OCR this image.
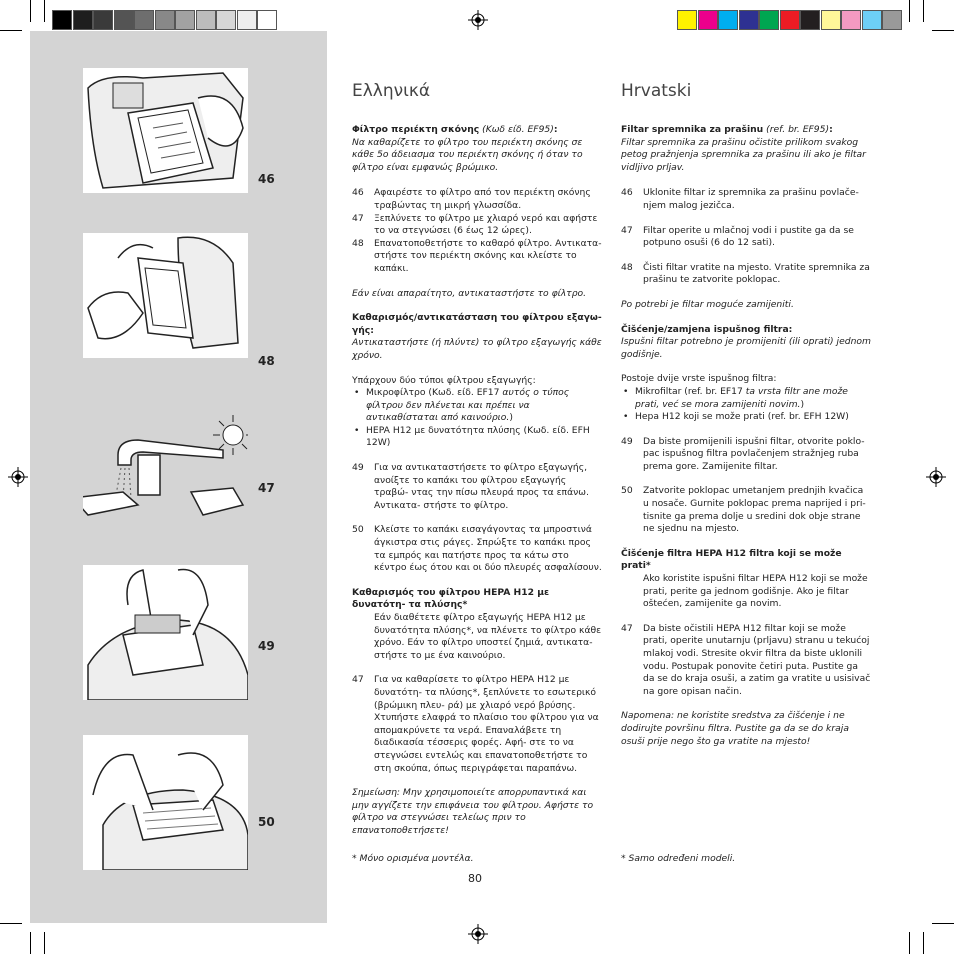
46
48
47
49
50
Ελληνικά

Φίλτρο περιέκτη σκόνης (Κωδ είδ. EF95):

Να καθαρίζετε το φίλτρο του περιέκτη σκόνης σε κάθε 5ο άδειασμα του περιέκτη σκόνης ή όταν το φίλτρο είναι εμφανώς βρώμικο.

46 Αφαιρέστε το φίλτρο από τον περιέκτη σκόνης τραβώντας τη μικρή γλωσσίδα.
47 Ξεπλύνετε το φίλτρο με χλιαρό νερό και αφήστε το να στεγνώσει (6 έως 12 ώρες).
48 Επανατοποθετήστε το καθαρό φίλτρο. Αντικατα- στήστε τον περιέκτη σκόνης και κλείστε το καπάκι.

Εάν είναι απαραίτητο, αντικαταστήστε το φίλτρο.

Καθαρισμός/αντικατάσταση του φίλτρου εξαγω- γής:

Αντικαταστήστε (ή πλύντε) το φίλτρο εξαγωγής κάθε χρόνο.

Υπάρχουν δύο τύποι φίλτρου εξαγωγής:

• Μικροφίλτρο (Κωδ. είδ. EF17 αυτός ο τύπος φίλτρου δεν πλένεται και πρέπει να αντικαθίσταται από καινούριο.)
• HEPA H12 με δυνατότητα πλύσης (Κωδ. είδ. EFH 12W)
49 Για να αντικαταστήσετε το φίλτρο εξαγωγής, ανοίξτε το καπάκι του φίλτρου εξαγωγής τραβώ- ντας την πίσω πλευρά προς τα επάνω. Αντικατα- στήστε το φίλτρο.
50 Κλείστε το καπάκι εισαγάγοντας τα μπροστινά άγκιστρα στις ράγες. Σπρώξτε το καπάκι προς τα εμπρός και πατήστε προς τα κάτω στο κέντρο έως ότου και οι δύο πλευρές ασφαλίσουν.

Καθαρισμός του φίλτρου HEPA H12 με δυνατότη- τα πλύσης*

Εάν διαθέτετε φίλτρο εξαγωγής HEPA H12 με δυνατότητα πλύσης*, να πλένετε το φίλτρο κάθε χρόνο. Εάν το φίλτρο υποστεί ζημιά, αντικατα- στήστε το με ένα καινούριο.

47 Για να καθαρίσετε το φίλτρο HEPA H12 με δυνατότη- τα πλύσης*, ξεπλύνετε το εσωτερικό (βρώμικη πλευ- ρά) με χλιαρό νερό βρύσης. Χτυπήστε ελαφρά το πλαίσιο του φίλτρου για να απομακρύνετε τα νερά. Επαναλάβετε τη διαδικασία τέσσερις φορές. Αφή- στε το να στεγνώσει εντελώς και επανατοποθετήστε το στη σκούπα, όπως περιγράφεται παραπάνω.

Σημείωση: Μην χρησιμοποιείτε απορρυπαντικά και μην αγγίζετε την επιφάνεια του φίλτρου. Αφήστε το φίλτρο να στεγνώσει τελείως πριν το επανατοποθετήσετε!

* Μόνο ορισμένα μοντέλα.
Hrvatski

Filtar spremnika za prašinu (ref. br. EF95):

Filtar spremnika za prašinu očistite prilikom svakog petog pražnjenja spremnika za prašinu ili ako je filtar vidljivo prljav.

46 Uklonite filtar iz spremnika za prašinu povlače- njem malog jezičca.
47 Filtar operite u mlačnoj vodi i pustite ga da se potpuno osuši (6 do 12 sati).
48 Čisti filtar vratite na mjesto. Vratite spremnika za prašinu te zatvorite poklopac.

Po potrebi je filtar moguće zamijeniti.

Čišćenje/zamjena ispušnog filtra:

Ispušni filtar potrebno je promijeniti (ili oprati) jednom godišnje.

Postoje dvije vrste ispušnog filtra:

• Mikrofiltar (ref. br. EF17 ta vrsta filtr ane može prati, već se mora zamijeniti novim.)
• Hepa H12 koji se može prati (ref. br. EFH 12W)
49 Da biste promijenili ispušni filtar, otvorite poklo- pac ispušnog filtra povlačenjem stražnjeg ruba prema gore. Zamijenite filtar.
50 Zatvorite poklopac umetanjem prednjih kvačica u nosače. Gurnite poklopac prema naprijed i pri- tisnite ga prema dolje u sredini dok obje strane ne sjednu na mjesto.

Čišćenje filtra HEPA H12 filtra koji se može prati*

Ako koristite ispušni filtar HEPA H12 koji se može prati, perite ga jednom godišnje. Ako je filtar oštećen, zamijenite ga novim.

47 Da biste očistili HEPA H12 filtar koji se može prati, operite unutarnju (prljavu) stranu u tekućoj mlakoj vodi. Stresite okvir filtra da biste uklonili vodu. Postupak ponovite četiri puta. Pustite ga da se do kraja osuši, a zatim ga vratite u usisivač na gore opisan način.

Napomena: ne koristite sredstva za čišćenje i ne dodirujte površinu filtra. Pustite ga da se do kraja osuši prije nego što ga vratite na mjesto!

* Samo određeni modeli.
80
